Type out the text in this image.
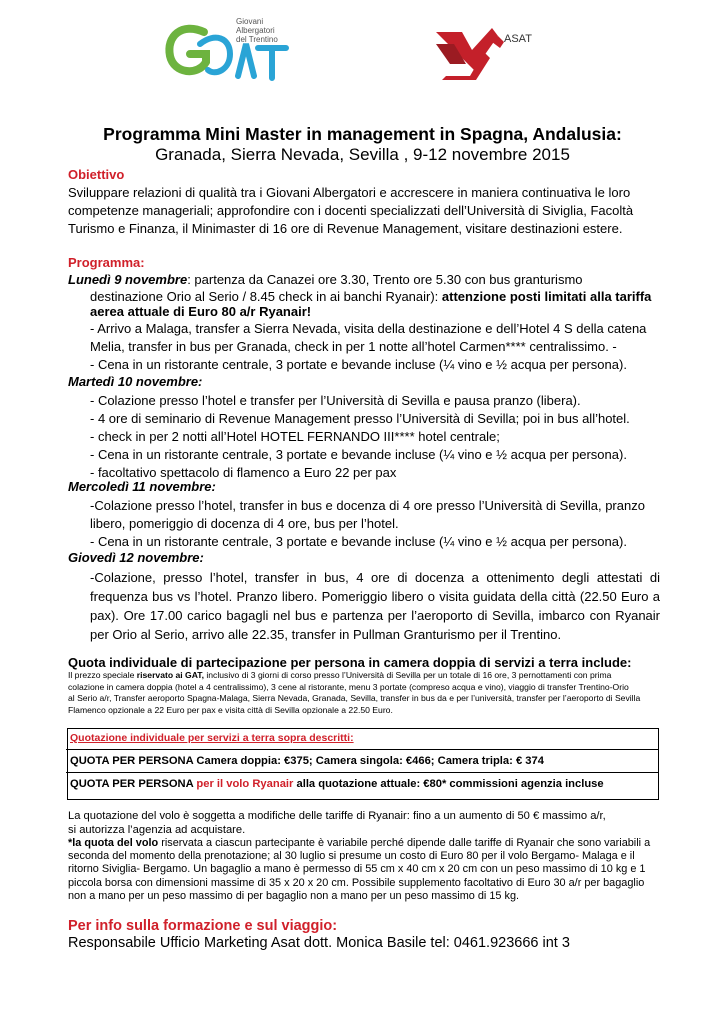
Giovani
Albergatori
del Trentino	ASAT
Programma Mini Master in management in Spagna, Andalusia:
Granada, Sierra Nevada, Sevilla , 9-12 novembre 2015
Obiettivo
Sviluppare relazioni di qualità tra i Giovani Albergatori e accrescere in maniera continuativa le loro
competenze manageriali; approfondire con i docenti specializzati dell’Università di Siviglia, Facoltà
Turismo e Finanza, il Minimaster di 16 ore di Revenue Management, visitare destinazioni estere.
Programma:
Lunedì 9 novembre: partenza da Canazei ore 3.30, Trento ore 5.30 con bus granturismo
destinazione Orio al Serio / 8.45 check in ai banchi Ryanair): attenzione posti limitati alla tariffa
aerea attuale di Euro 80 a/r Ryanair!
- Arrivo a Malaga, transfer a Sierra Nevada, visita della destinazione e dell’Hotel 4 S della catena
Melia, transfer in bus per Granada, check in per 1 notte all’hotel Carmen**** centralissimo. -
- Cena in un ristorante centrale, 3 portate e bevande incluse (¼ vino e ½ acqua per persona).
Martedì 10 novembre:
- Colazione presso l’hotel e transfer per l’Università di Sevilla e pausa pranzo (libera).
- 4 ore di seminario di Revenue Management presso l’Università di Sevilla; poi in bus all’hotel.
- check in per 2 notti all’Hotel HOTEL FERNANDO III**** hotel centrale;
- Cena in un ristorante centrale, 3 portate e bevande incluse (¼ vino e ½ acqua per persona).
- facoltativo spettacolo di flamenco a Euro 22 per pax
Mercoledì 11 novembre:
-Colazione presso l’hotel, transfer in bus e docenza di 4 ore presso l’Università di Sevilla, pranzo
libero, pomeriggio di docenza di 4 ore, bus per l’hotel.
- Cena in un ristorante centrale, 3 portate e bevande incluse (¼ vino e ½ acqua per persona).
Giovedì 12 novembre:
-Colazione, presso l’hotel, transfer in bus, 4 ore di docenza a ottenimento degli attestati di frequenza bus vs l’hotel. Pranzo libero. Pomeriggio libero o visita guidata della città (22.50 Euro a pax). Ore 17.00 carico bagagli nel bus e partenza per l’aeroporto di Sevilla, imbarco con Ryanair per Orio al Serio, arrivo alle 22.35, transfer in Pullman Granturismo per il Trentino.
Quota individuale di partecipazione per persona in camera doppia di servizi a terra include:
Il prezzo speciale riservato ai GAT, inclusivo di 3 giorni di corso presso l’Università di Sevilla per un totale di 16 ore, 3 pernottamenti con prima
colazione in camera doppia (hotel a 4 centralissimo), 3 cene al ristorante, menu 3 portate (compreso acqua e vino), viaggio di transfer Trentino-Orio
al Serio a/r, Transfer aeroporto Spagna-Malaga, Sierra Nevada, Granada, Sevilla, transfer in bus da e per l’università, transfer per l’aeroporto di Sevilla
Flamenco opzionale a 22 Euro per pax e visita città di Sevilla opzionale a 22.50 Euro.
Quotazione individuale per servizi a terra sopra descritti:
QUOTA PER PERSONA Camera doppia: €375; Camera singola: €466; Camera tripla: € 374
QUOTA PER PERSONA per il volo Ryanair alla quotazione attuale: €80* commissioni agenzia incluse
La quotazione del volo è soggetta a modifiche delle tariffe di Ryanair: fino a un aumento di 50 € massimo a/r,
si autorizza l’agenzia ad acquistare.
*la quota del volo riservata a ciascun partecipante è variabile perché dipende dalle tariffe di Ryanair che sono variabili a
seconda del momento della prenotazione; al 30 luglio si presume un costo di Euro 80 per il volo Bergamo- Malaga e il
ritorno Siviglia- Bergamo. Un bagaglio a mano è permesso di 55 cm x 40 cm x 20 cm con un peso massimo di 10 kg e 1
piccola borsa con dimensioni massime di 35 x 20 x 20 cm. Possibile supplemento facoltativo di Euro 30 a/r per bagaglio
non a mano per un peso massimo di per bagaglio non a mano per un peso massimo di 15 kg.
Per info sulla formazione e sul viaggio:
Responsabile Ufficio Marketing Asat dott. Monica Basile tel: 0461.923666 int 3
